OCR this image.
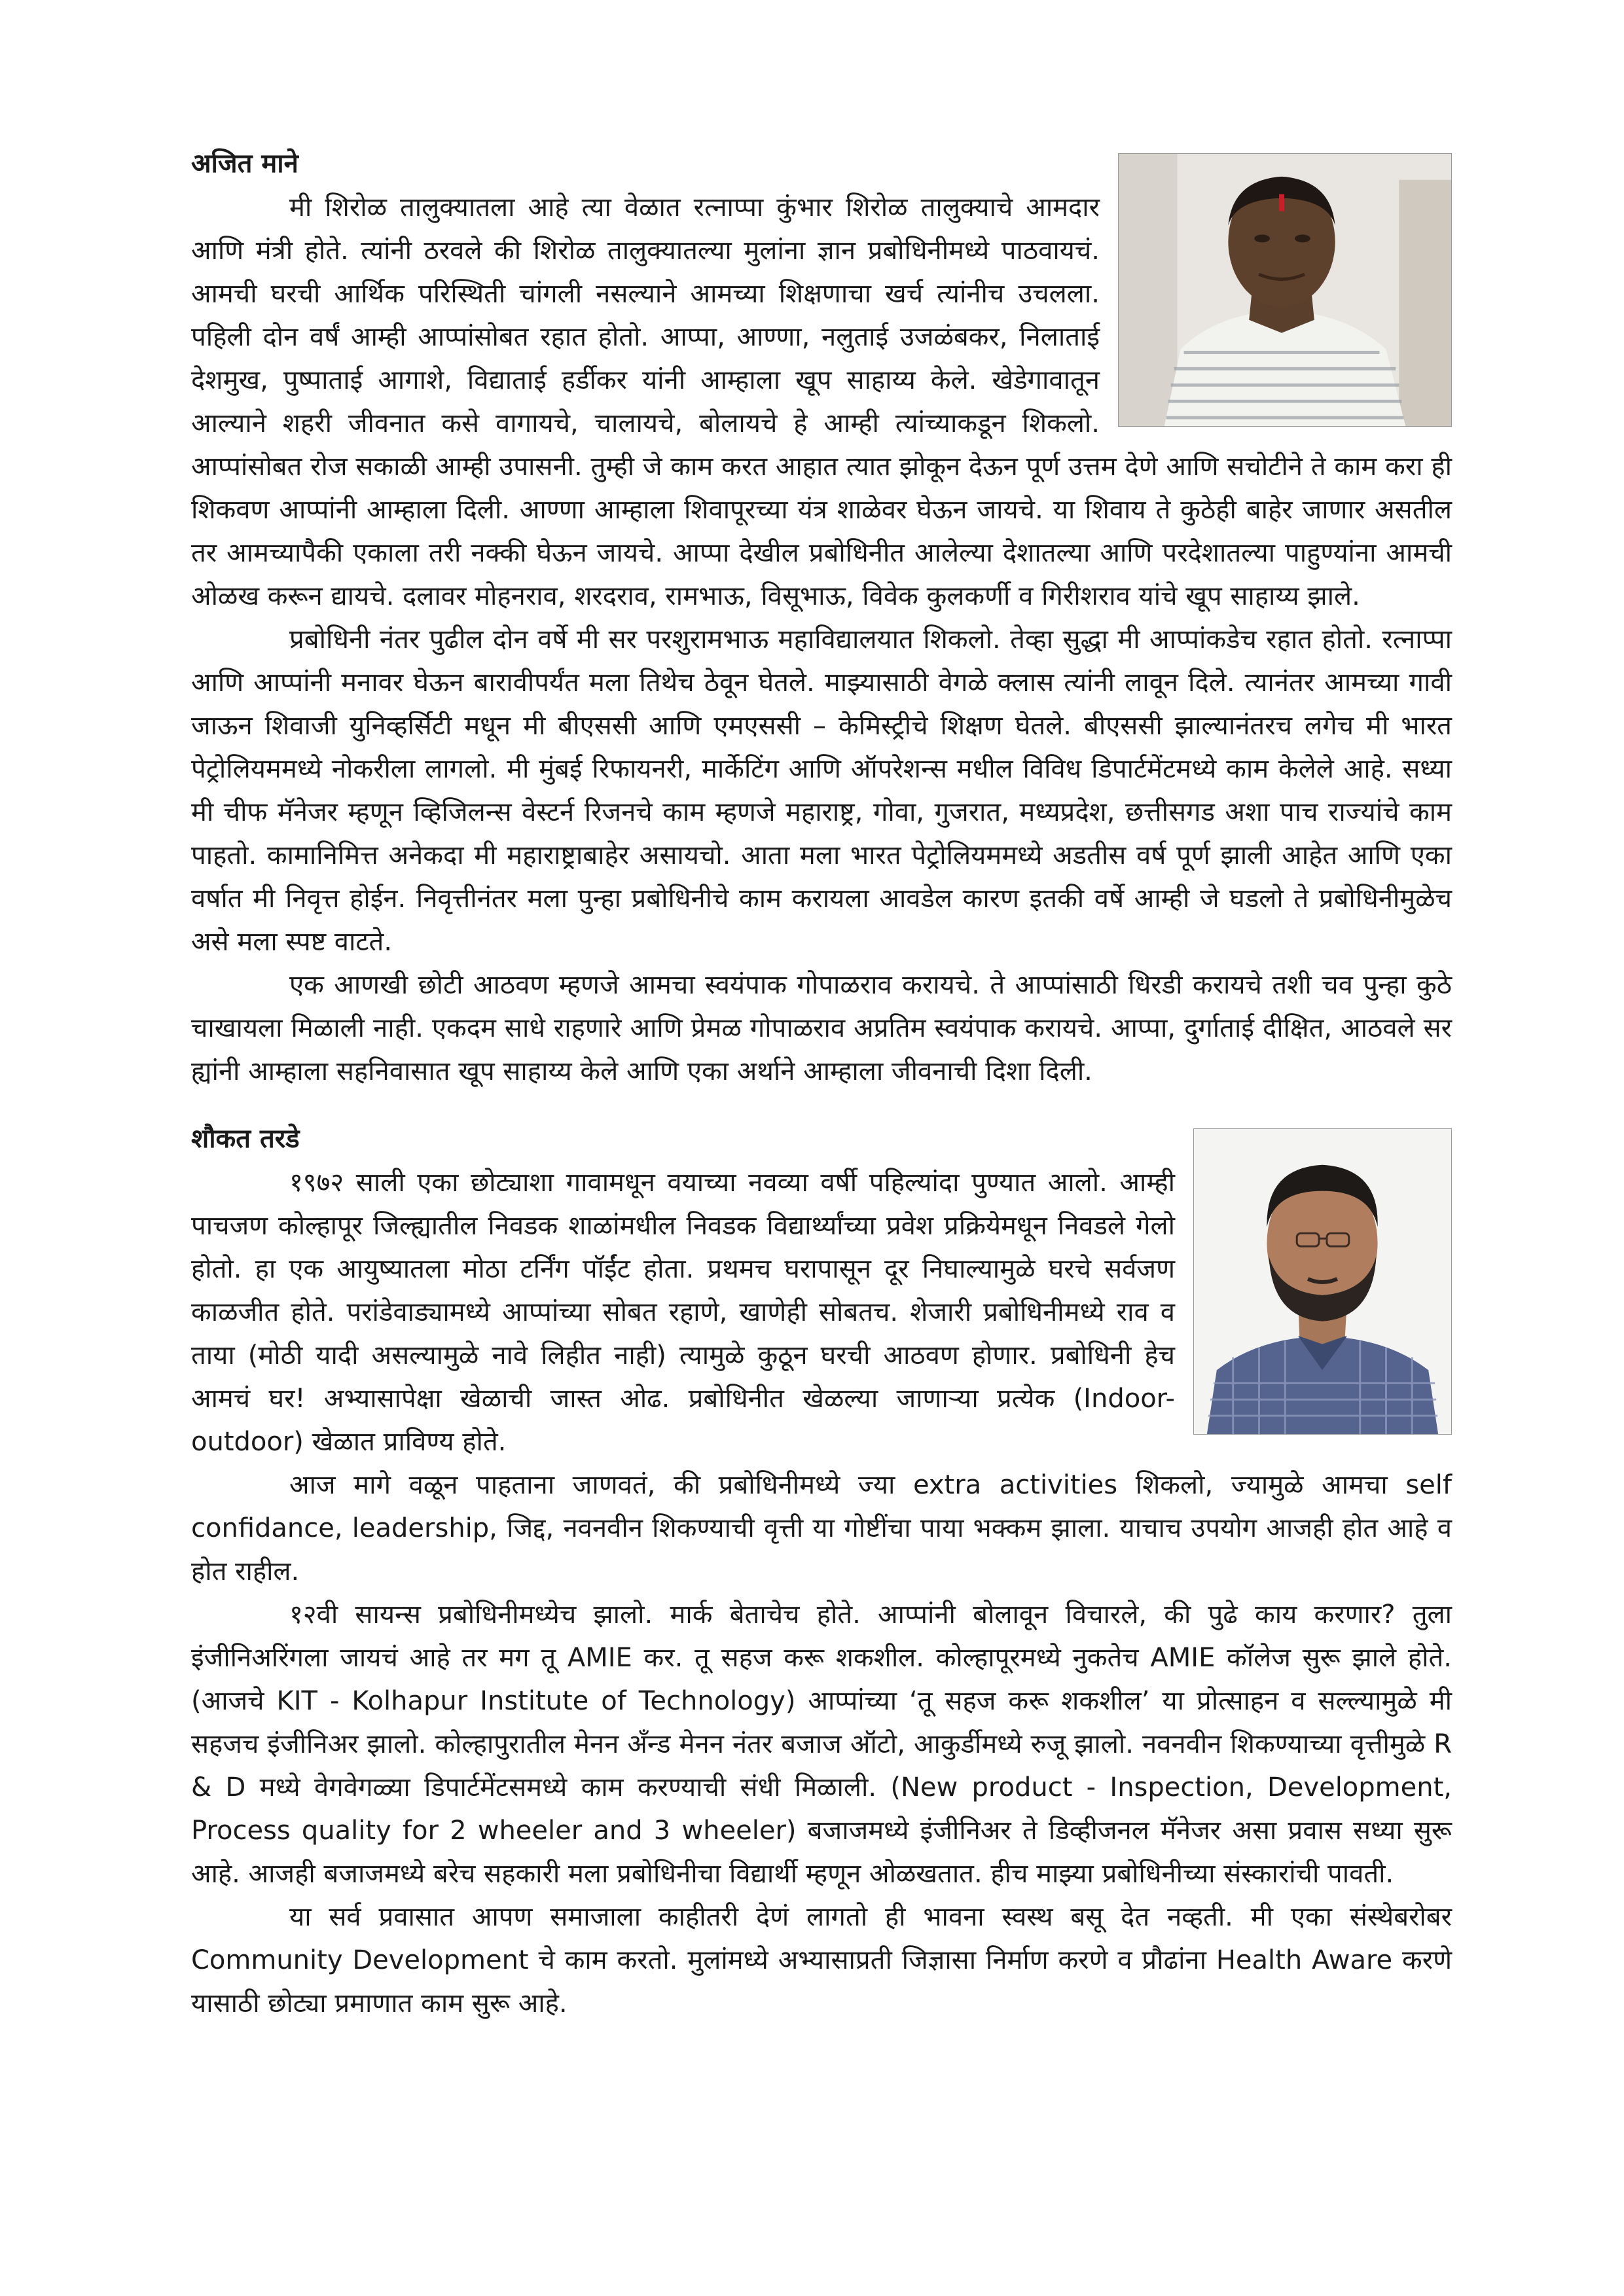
अजित माने

मी शिरोळ तालुक्यातला आहे त्या वेळात रत्नाप्पा कुंभार शिरोळ तालुक्याचे आमदार आणि मंत्री होते. त्यांनी ठरवले की शिरोळ तालुक्यातल्या मुलांना ज्ञान प्रबोधिनीमध्ये पाठवायचं. आमची घरची आर्थिक परिस्थिती चांगली नसल्याने आमच्या शिक्षणाचा खर्च त्यांनीच उचलला. पहिली दोन वर्षं आम्ही आप्पांसोबत रहात होतो. आप्पा, आण्णा, नलुताई उजळंबकर, निलाताई देशमुख, पुष्पाताई आगाशे, विद्याताई हर्डीकर यांनी आम्हाला खूप साहाय्य केले. खेडेगावातून आल्याने शहरी जीवनात कसे वागायचे, चालायचे, बोलायचे हे आम्ही त्यांच्याकडून शिकलो. आप्पांसोबत रोज सकाळी आम्ही उपासनी. तुम्ही जे काम करत आहात त्यात झोकून देऊन पूर्ण उत्तम देणे आणि सचोटीने ते काम करा ही शिकवण आप्पांनी आम्हाला दिली. आण्णा आम्हाला शिवापूरच्या यंत्र शाळेवर घेऊन जायचे. या शिवाय ते कुठेही बाहेर जाणार असतील तर आमच्यापैकी एकाला तरी नक्की घेऊन जायचे. आप्पा देखील प्रबोधिनीत आलेल्या देशातल्या आणि परदेशातल्या पाहुण्यांना आमची ओळख करून द्यायचे. दलावर मोहनराव, शरदराव, रामभाऊ, विसूभाऊ, विवेक कुलकर्णी व गिरीशराव यांचे खूप साहाय्य झाले.

प्रबोधिनी नंतर पुढील दोन वर्षे मी सर परशुरामभाऊ महाविद्यालयात शिकलो. तेव्हा सुद्धा मी आप्पांकडेच रहात होतो. रत्नाप्पा आणि आप्पांनी मनावर घेऊन बारावीपर्यंत मला तिथेच ठेवून घेतले. माझ्यासाठी वेगळे क्लास त्यांनी लावून दिले. त्यानंतर आमच्या गावी जाऊन शिवाजी युनिव्हर्सिटी मधून मी बीएससी आणि एमएससी – केमिस्ट्रीचे शिक्षण घेतले. बीएससी झाल्यानंतरच लगेच मी भारत पेट्रोलियममध्ये नोकरीला लागलो. मी मुंबई रिफायनरी, मार्केटिंग आणि ऑपरेशन्स मधील विविध डिपार्टमेंटमध्ये काम केलेले आहे. सध्या मी चीफ मॅनेजर म्हणून व्हिजिलन्स वेस्टर्न रिजनचे काम म्हणजे महाराष्ट्र, गोवा, गुजरात, मध्यप्रदेश, छत्तीसगड अशा पाच राज्यांचे काम पाहतो. कामानिमित्त अनेकदा मी महाराष्ट्राबाहेर असायचो. आता मला भारत पेट्रोलियममध्ये अडतीस वर्ष पूर्ण झाली आहेत आणि एका वर्षात मी निवृत्त होईन. निवृत्तीनंतर मला पुन्हा प्रबोधिनीचे काम करायला आवडेल कारण इतकी वर्षे आम्ही जे घडलो ते प्रबोधिनीमुळेच असे मला स्पष्ट वाटते.

एक आणखी छोटी आठवण म्हणजे आमचा स्वयंपाक गोपाळराव करायचे. ते आप्पांसाठी धिरडी करायचे तशी चव पुन्हा कुठे चाखायला मिळाली नाही. एकदम साधे राहणारे आणि प्रेमळ गोपाळराव अप्रतिम स्वयंपाक करायचे. आप्पा, दुर्गाताई दीक्षित, आठवले सर ह्यांनी आम्हाला सहनिवासात खूप साहाय्य केले आणि एका अर्थाने आम्हाला जीवनाची दिशा दिली.

शौकत तरडे

१९७२ साली एका छोट्याशा गावामधून वयाच्या नवव्या वर्षी पहिल्यांदा पुण्यात आलो. आम्ही पाचजण कोल्हापूर जिल्ह्यातील निवडक शाळांमधील निवडक विद्यार्थ्यांच्या प्रवेश प्रक्रियेमधून निवडले गेलो होतो. हा एक आयुष्यातला मोठा टर्निंग पॉईंट होता. प्रथमच घरापासून दूर निघाल्यामुळे घरचे सर्वजण काळजीत होते. परांडेवाड्यामध्ये आप्पांच्या सोबत रहाणे, खाणेही सोबतच. शेजारी प्रबोधिनीमध्ये राव व ताया (मोठी यादी असल्यामुळे नावे लिहीत नाही) त्यामुळे कुठून घरची आठवण होणार. प्रबोधिनी हेच आमचं घर! अभ्यासापेक्षा खेळाची जास्त ओढ. प्रबोधिनीत खेळल्या जाणाऱ्या प्रत्येक (Indoor-outdoor) खेळात प्राविण्य होते.

आज मागे वळून पाहताना जाणवतं, की प्रबोधिनीमध्ये ज्या extra activities शिकलो, ज्यामुळे आमचा self confidance, leadership, जिद्द, नवनवीन शिकण्याची वृत्ती या गोष्टींचा पाया भक्कम झाला. याचाच उपयोग आजही होत आहे व होत राहील.

१२वी सायन्स प्रबोधिनीमध्येच झालो. मार्क बेताचेच होते. आप्पांनी बोलावून विचारले, की पुढे काय करणार? तुला इंजीनिअरिंगला जायचं आहे तर मग तू AMIE कर. तू सहज करू शकशील. कोल्हापूरमध्ये नुकतेच AMIE कॉलेज सुरू झाले होते. (आजचे KIT - Kolhapur Institute of Technology) आप्पांच्या ‘तू सहज करू शकशील’ या प्रोत्साहन व सल्ल्यामुळे मी सहजच इंजीनिअर झालो. कोल्हापुरातील मेनन अँन्ड मेनन नंतर बजाज ऑटो, आकुर्डीमध्ये रुजू झालो. नवनवीन शिकण्याच्या वृत्तीमुळे R & D मध्ये वेगवेगळ्या डिपार्टमेंटसमध्ये काम करण्याची संधी मिळाली. (New product - Inspection, Development, Process quality for 2 wheeler and 3 wheeler) बजाजमध्ये इंजीनिअर ते डिव्हीजनल मॅनेजर असा प्रवास सध्या सुरू आहे. आजही बजाजमध्ये बरेच सहकारी मला प्रबोधिनीचा विद्यार्थी म्हणून ओळखतात. हीच माझ्या प्रबोधिनीच्या संस्कारांची पावती.

या सर्व प्रवासात आपण समाजाला काहीतरी देणं लागतो ही भावना स्वस्थ बसू देत नव्हती. मी एका संस्थेबरोबर Community Development चे काम करतो. मुलांमध्ये अभ्यासाप्रती जिज्ञासा निर्माण करणे व प्रौढांना Health Aware करणे यासाठी छोट्या प्रमाणात काम सुरू आहे.
